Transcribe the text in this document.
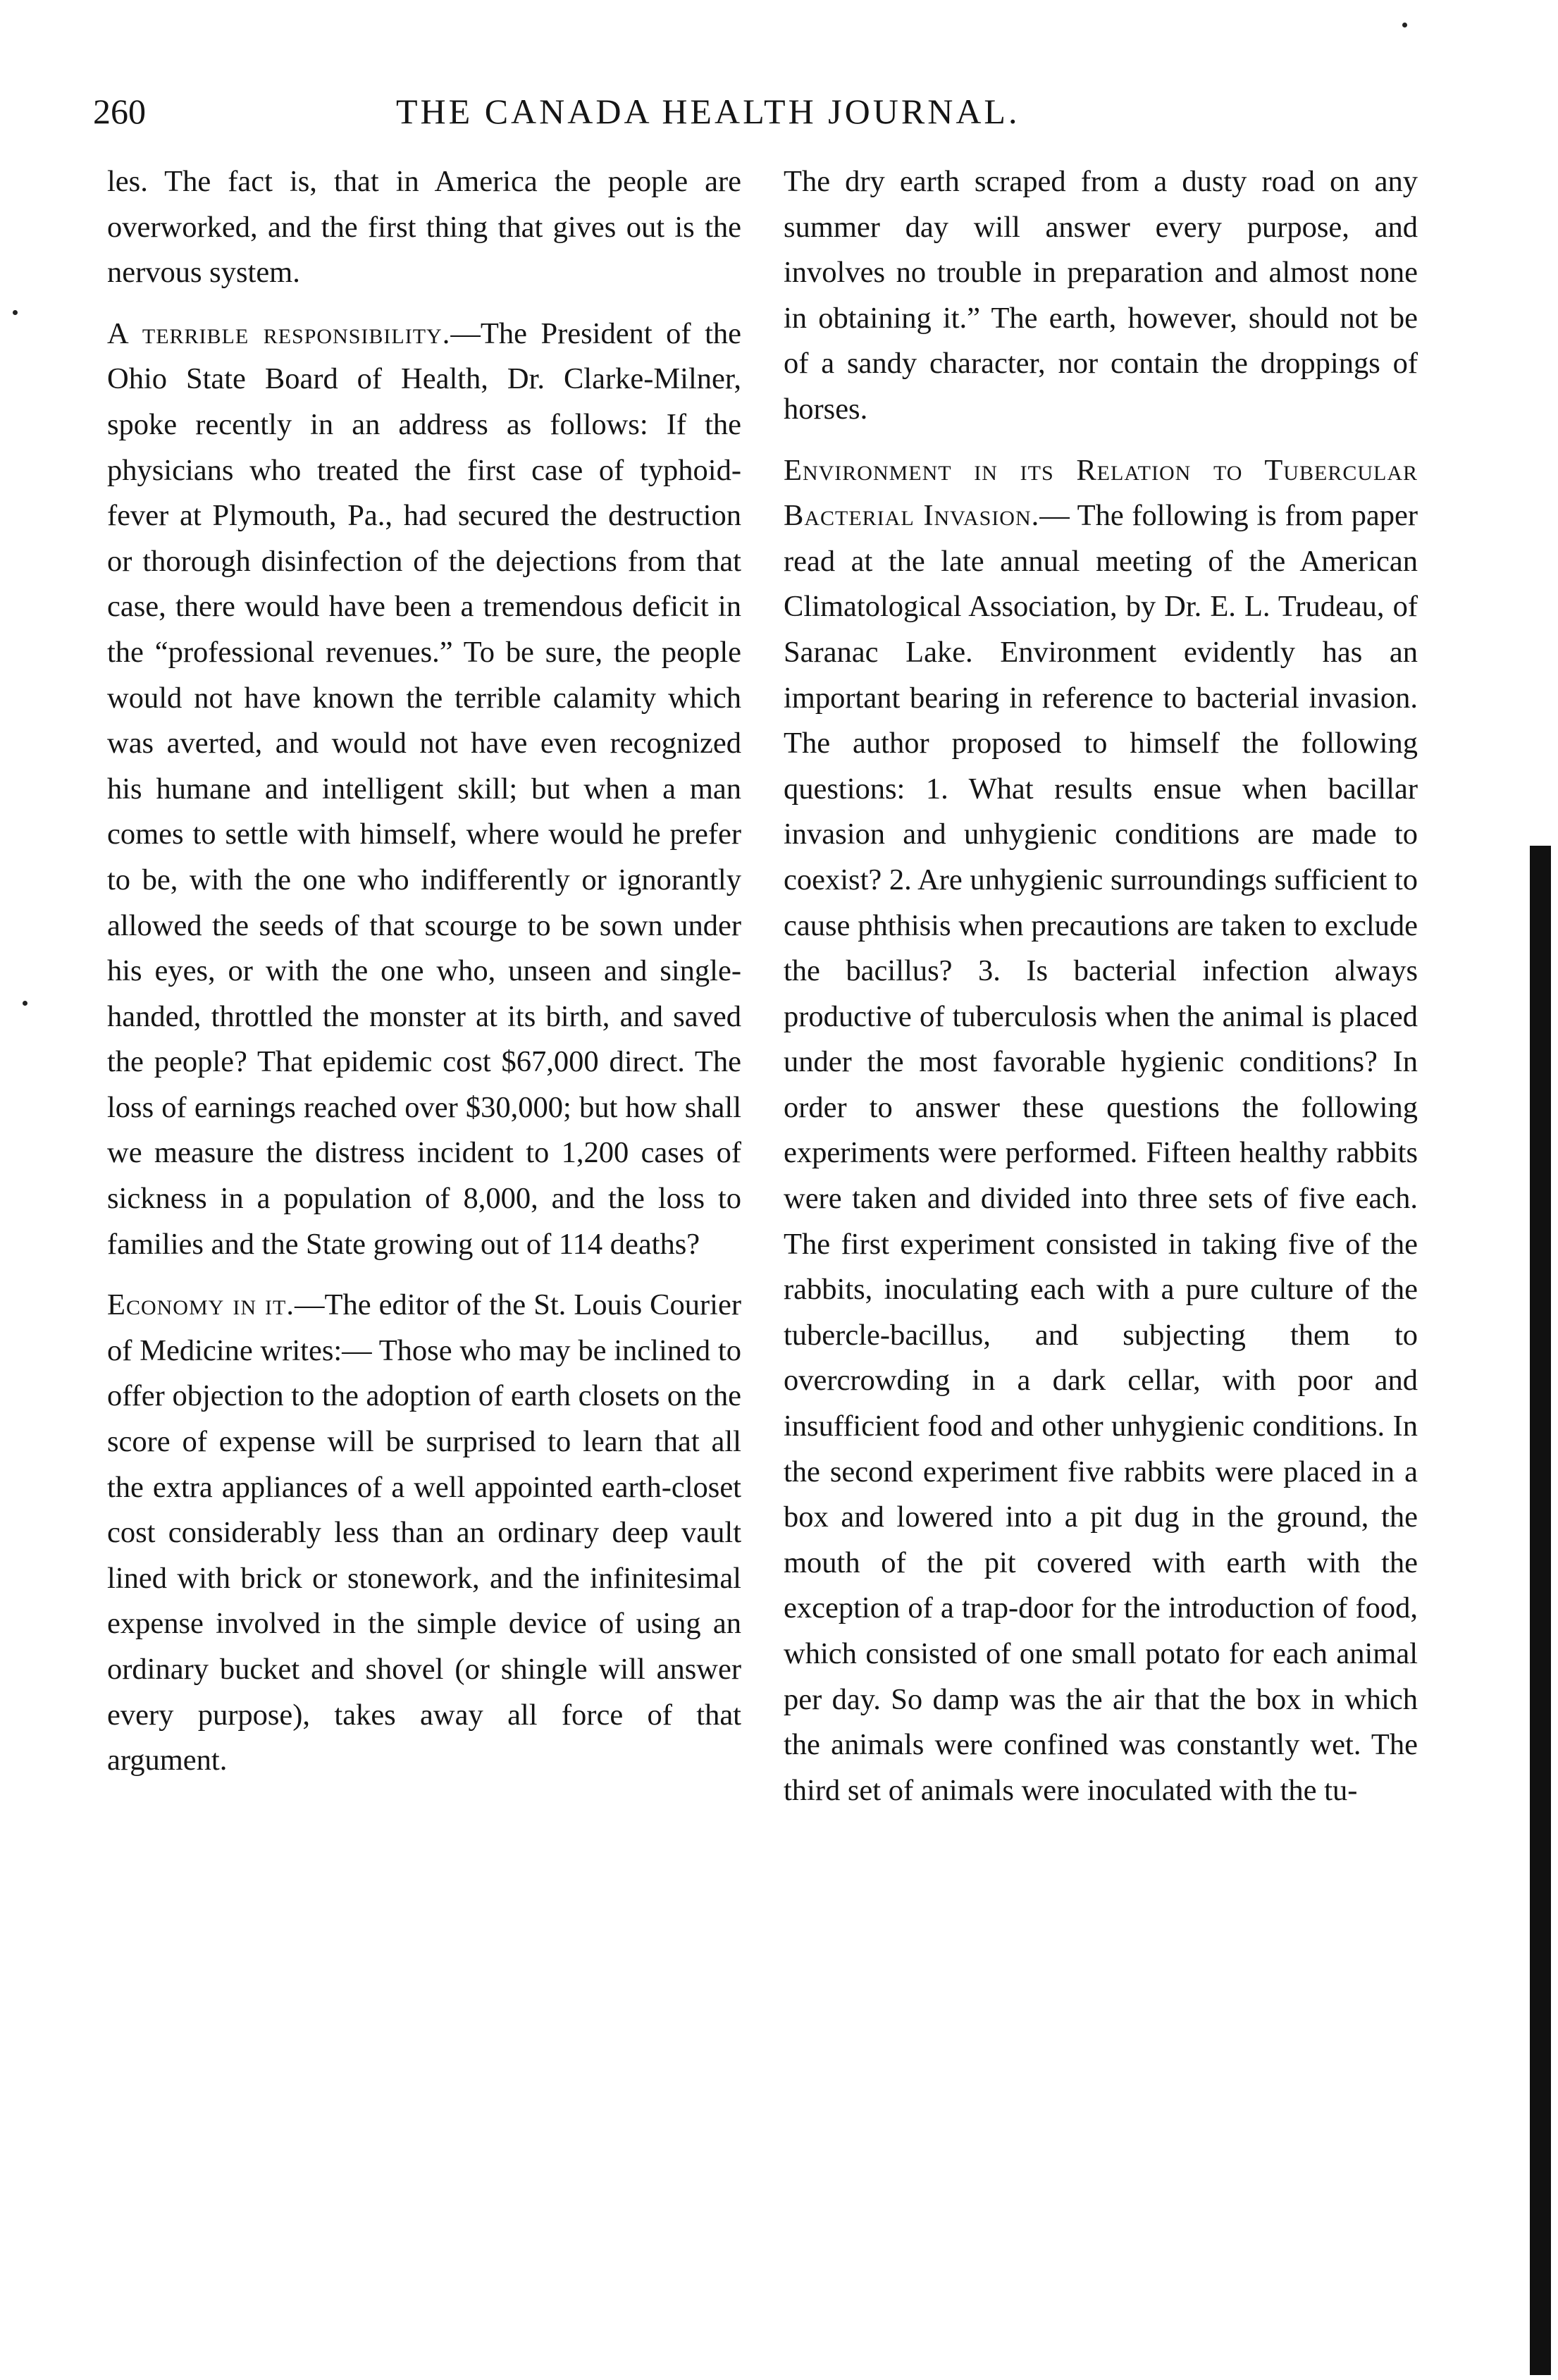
260	THE CANADA HEALTH JOURNAL.

les. The fact is, that in America the people are overworked, and the first thing that gives out is the nervous system.

A terrible responsibility.—The President of the Ohio State Board of Health, Dr. Clarke-Milner, spoke recently in an address as follows: If the physicians who treated the first case of typhoid-fever at Plymouth, Pa., had secured the destruction or thorough disinfection of the dejections from that case, there would have been a tremendous deficit in the “professional revenues.” To be sure, the people would not have known the terrible calamity which was averted, and would not have even recognized his humane and intelligent skill; but when a man comes to settle with himself, where would he prefer to be, with the one who indifferently or ignorantly allowed the seeds of that scourge to be sown under his eyes, or with the one who, unseen and single-handed, throttled the monster at its birth, and saved the people? That epidemic cost $67,000 direct. The loss of earnings reached over $30,000; but how shall we measure the distress incident to 1,200 cases of sickness in a population of 8,000, and the loss to families and the State growing out of 114 deaths?

Economy in it.—The editor of the St. Louis Courier of Medicine writes:— Those who may be inclined to offer objection to the adoption of earth closets on the score of expense will be surprised to learn that all the extra appliances of a well appointed earth-closet cost considerably less than an ordinary deep vault lined with brick or stonework, and the infinitesimal expense involved in the simple device of using an ordinary bucket and shovel (or shingle will answer every purpose), takes away all force of that argument.

The dry earth scraped from a dusty road on any summer day will answer every purpose, and involves no trouble in preparation and almost none in obtaining it.” The earth, however, should not be of a sandy character, nor contain the droppings of horses.

Environment in its Relation to Tubercular Bacterial Invasion.— The following is from paper read at the late annual meeting of the American Climatological Association, by Dr. E. L. Trudeau, of Saranac Lake. Environment evidently has an important bearing in reference to bacterial invasion. The author proposed to himself the following questions: 1. What results ensue when bacillar invasion and unhygienic conditions are made to coexist? 2. Are unhygienic surroundings sufficient to cause phthisis when precautions are taken to exclude the bacillus? 3. Is bacterial infection always productive of tuberculosis when the animal is placed under the most favorable hygienic conditions? In order to answer these questions the following experiments were performed. Fifteen healthy rabbits were taken and divided into three sets of five each. The first experiment consisted in taking five of the rabbits, inoculating each with a pure culture of the tubercle-bacillus, and subjecting them to overcrowding in a dark cellar, with poor and insufficient food and other unhygienic conditions. In the second experiment five rabbits were placed in a box and lowered into a pit dug in the ground, the mouth of the pit covered with earth with the exception of a trap-door for the introduction of food, which consisted of one small potato for each animal per day. So damp was the air that the box in which the animals were confined was constantly wet. The third set of animals were inoculated with the tu-
